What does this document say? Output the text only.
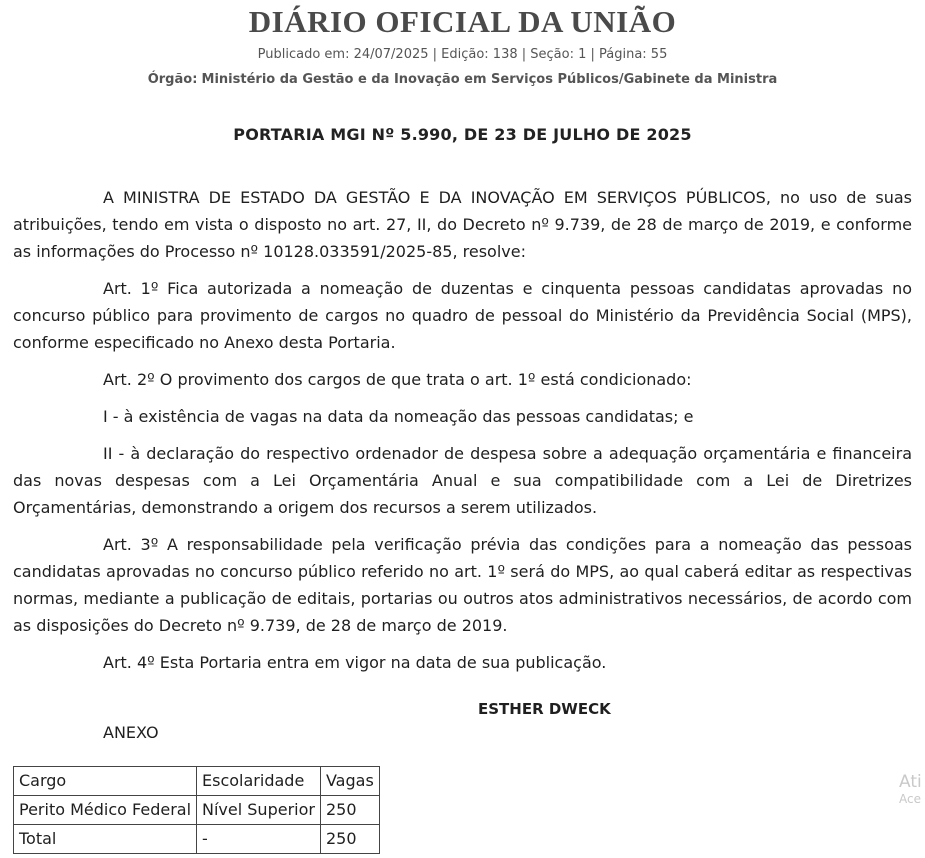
DIÁRIO OFICIAL DA UNIÃO
Publicado em: 24/07/2025 | Edição: 138 | Seção: 1 | Página: 55
Órgão: Ministério da Gestão e da Inovação em Serviços Públicos/Gabinete da Ministra
PORTARIA MGI Nº 5.990, DE 23 DE JULHO DE 2025

A MINISTRA DE ESTADO DA GESTÃO E DA INOVAÇÃO EM SERVIÇOS PÚBLICOS, no uso de suas atribuições, tendo em vista o disposto no art. 27, II, do Decreto nº 9.739, de 28 de março de 2019, e conforme as informações do Processo nº 10128.033591/2025-85, resolve:

Art. 1º Fica autorizada a nomeação de duzentas e cinquenta pessoas candidatas aprovadas no concurso público para provimento de cargos no quadro de pessoal do Ministério da Previdência Social (MPS), conforme especificado no Anexo desta Portaria.

Art. 2º O provimento dos cargos de que trata o art. 1º está condicionado:

I - à existência de vagas na data da nomeação das pessoas candidatas; e

II - à declaração do respectivo ordenador de despesa sobre a adequação orçamentária e financeira das novas despesas com a Lei Orçamentária Anual e sua compatibilidade com a Lei de Diretrizes Orçamentárias, demonstrando a origem dos recursos a serem utilizados.

Art. 3º A responsabilidade pela verificação prévia das condições para a nomeação das pessoas candidatas aprovadas no concurso público referido no art. 1º será do MPS, ao qual caberá editar as respectivas normas, mediante a publicação de editais, portarias ou outros atos administrativos necessários, de acordo com as disposições do Decreto nº 9.739, de 28 de março de 2019.

Art. 4º Esta Portaria entra em vigor na data de sua publicação.

ESTHER DWECK
ANEXO
Cargo	Escolaridade	Vagas
Perito Médico Federal	Nível Superior	250
Total	-	250
Ati
Ace
